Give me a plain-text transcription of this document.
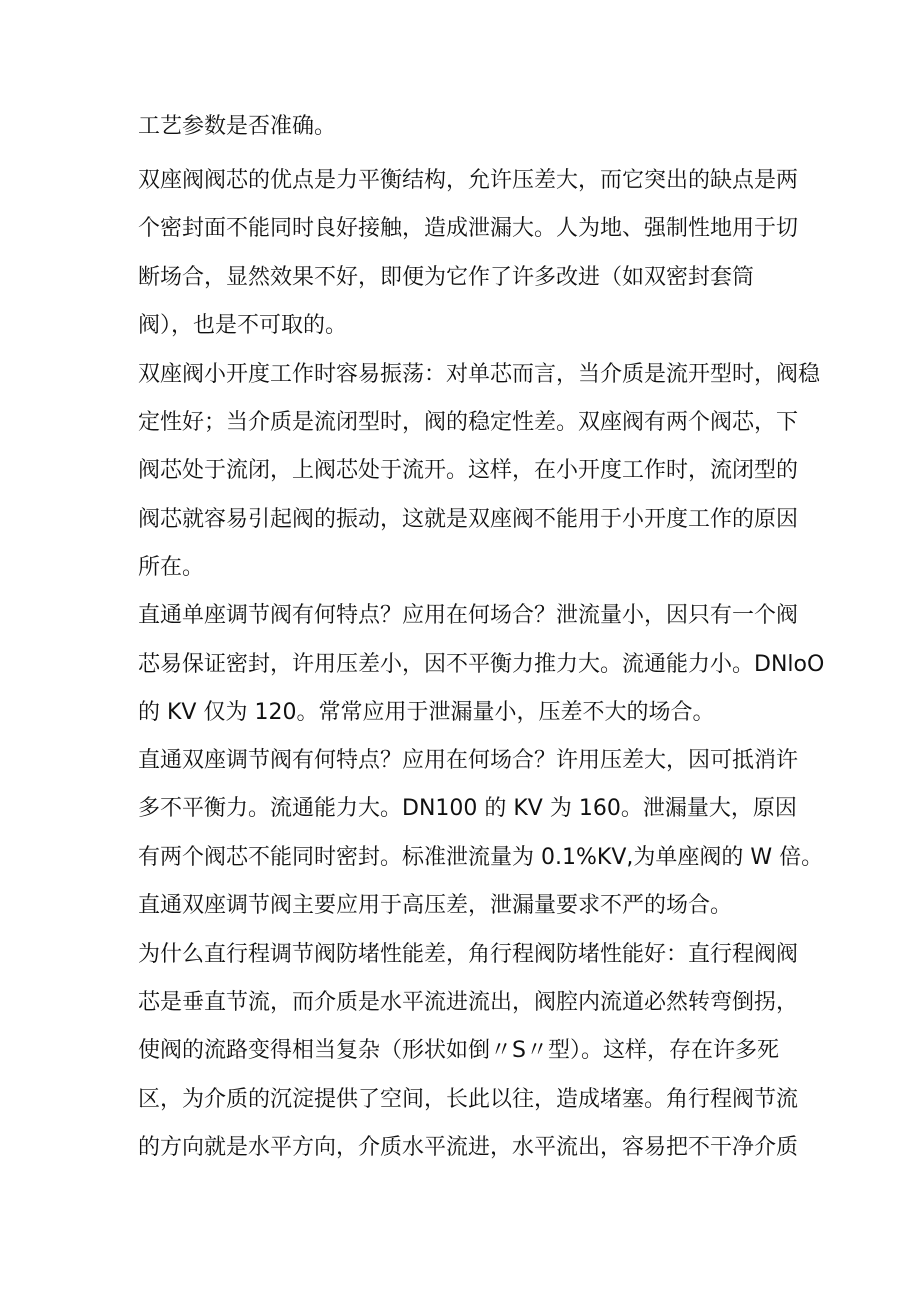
工艺参数是否准确。
双座阀阀芯的优点是力平衡结构，允许压差大，而它突出的缺点是两
个密封面不能同时良好接触，造成泄漏大。人为地、强制性地用于切
断场合，显然效果不好，即便为它作了许多改进（如双密封套筒
阀），也是不可取的。
双座阀小开度工作时容易振荡：对单芯而言，当介质是流开型时，阀稳
定性好；当介质是流闭型时，阀的稳定性差。双座阀有两个阀芯，下
阀芯处于流闭，上阀芯处于流开。这样，在小开度工作时，流闭型的
阀芯就容易引起阀的振动，这就是双座阀不能用于小开度工作的原因
所在。
直通单座调节阀有何特点？应用在何场合？泄流量小，因只有一个阀
芯易保证密封，许用压差小，因不平衡力推力大。流通能力小。DNloO
的 KV 仅为 120。常常应用于泄漏量小，压差不大的场合。
直通双座调节阀有何特点？应用在何场合？许用压差大，因可抵消许
多不平衡力。流通能力大。DN100 的 KV 为 160。泄漏量大，原因
有两个阀芯不能同时密封。标准泄流量为 0.1%KV,为单座阀的 W 倍。
直通双座调节阀主要应用于高压差，泄漏量要求不严的场合。
为什么直行程调节阀防堵性能差，角行程阀防堵性能好：直行程阀阀
芯是垂直节流，而介质是水平流进流出，阀腔内流道必然转弯倒拐，
使阀的流路变得相当复杂（形状如倒〃S〃型）。这样，存在许多死
区，为介质的沉淀提供了空间，长此以往，造成堵塞。角行程阀节流
的方向就是水平方向，介质水平流进，水平流出，容易把不干净介质
